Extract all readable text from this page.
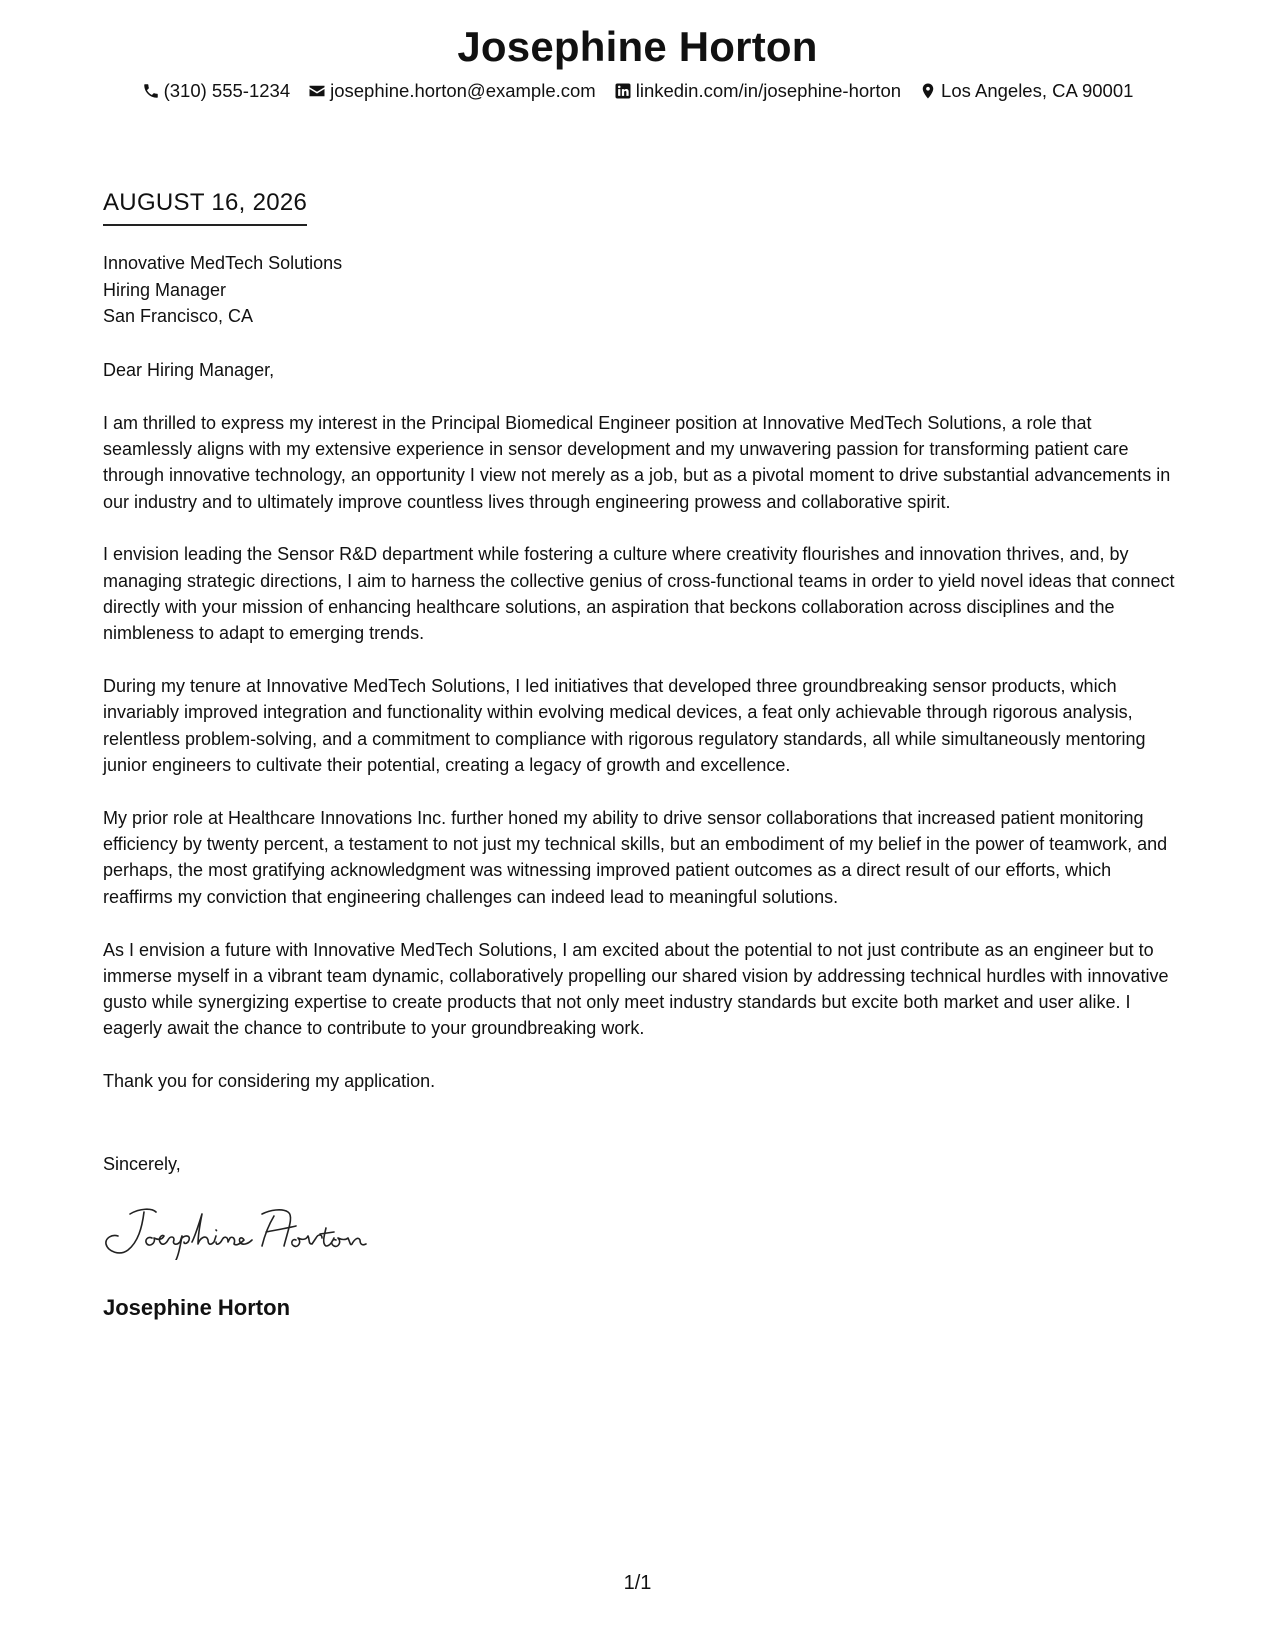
Josephine Horton
(310) 555-1234 josephine.horton@example.com linkedin.com/in/josephine-horton Los Angeles, CA 90001
AUGUST 16, 2026
Innovative MedTech Solutions
Hiring Manager
San Francisco, CA

Dear Hiring Manager,

I am thrilled to express my interest in the Principal Biomedical Engineer position at Innovative MedTech Solutions, a role that seamlessly aligns with my extensive experience in sensor development and my unwavering passion for transforming patient care through innovative technology, an opportunity I view not merely as a job, but as a pivotal moment to drive substantial advancements in our industry and to ultimately improve countless lives through engineering prowess and collaborative spirit.

I envision leading the Sensor R&D department while fostering a culture where creativity flourishes and innovation thrives, and, by managing strategic directions, I aim to harness the collective genius of cross-functional teams in order to yield novel ideas that connect directly with your mission of enhancing healthcare solutions, an aspiration that beckons collaboration across disciplines and the nimbleness to adapt to emerging trends.

During my tenure at Innovative MedTech Solutions, I led initiatives that developed three groundbreaking sensor products, which invariably improved integration and functionality within evolving medical devices, a feat only achievable through rigorous analysis, relentless problem-solving, and a commitment to compliance with rigorous regulatory standards, all while simultaneously mentoring junior engineers to cultivate their potential, creating a legacy of growth and excellence.

My prior role at Healthcare Innovations Inc. further honed my ability to drive sensor collaborations that increased patient monitoring efficiency by twenty percent, a testament to not just my technical skills, but an embodiment of my belief in the power of teamwork, and perhaps, the most gratifying acknowledgment was witnessing improved patient outcomes as a direct result of our efforts, which reaffirms my conviction that engineering challenges can indeed lead to meaningful solutions.

As I envision a future with Innovative MedTech Solutions, I am excited about the potential to not just contribute as an engineer but to immerse myself in a vibrant team dynamic, collaboratively propelling our shared vision by addressing technical hurdles with innovative gusto while synergizing expertise to create products that not only meet industry standards but excite both market and user alike. I eagerly await the chance to contribute to your groundbreaking work.

Thank you for considering my application.

Sincerely,
Josephine Horton
1/1
